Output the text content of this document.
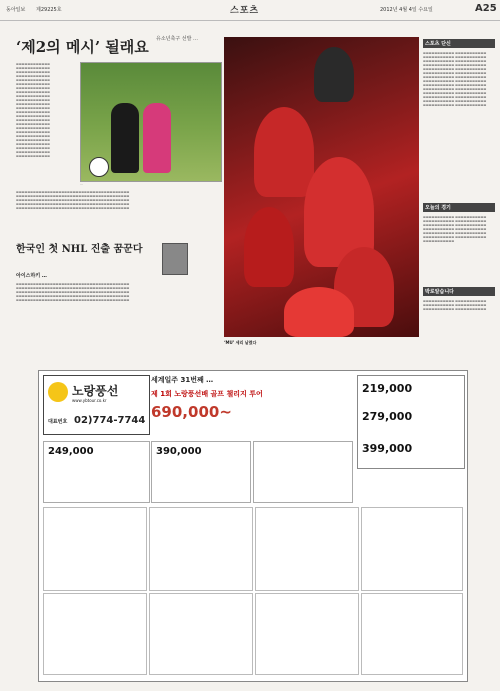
동아일보 제29225호	스포츠	2012년 4월 4일 수요일	A25
‘제2의 메시’ 될래요 유소년축구 선발 …
▬▬▬▬▬▬▬▬▬▬▬▬ ▬▬▬▬▬▬▬▬▬▬▬▬ ▬▬▬▬▬▬▬▬▬▬▬▬ ▬▬▬▬▬▬▬▬▬▬▬▬ ▬▬▬▬▬▬▬▬▬▬▬▬ ▬▬▬▬▬▬▬▬▬▬▬▬ ▬▬▬▬▬▬▬▬▬▬▬▬ ▬▬▬▬▬▬▬▬▬▬▬▬ ▬▬▬▬▬▬▬▬▬▬▬▬ ▬▬▬▬▬▬▬▬▬▬▬▬ ▬▬▬▬▬▬▬▬▬▬▬▬ ▬▬▬▬▬▬▬▬▬▬▬▬ ▬▬▬▬▬▬▬▬▬▬▬▬ ▬▬▬▬▬▬▬▬▬▬▬▬ ▬▬▬▬▬▬▬▬▬▬▬▬ ▬▬▬▬▬▬▬▬▬▬▬▬ ▬▬▬▬▬▬▬▬▬▬▬▬ ▬▬▬▬▬▬▬▬▬▬▬▬ ▬▬▬▬▬▬▬▬▬▬▬▬ ▬▬▬▬▬▬▬▬▬▬▬▬ ▬▬▬▬▬▬▬▬▬▬▬▬ ▬▬▬▬▬▬▬▬▬▬▬▬ ▬▬▬▬▬▬▬▬▬▬▬▬ ▬▬▬▬▬▬▬▬▬▬▬▬
…
▬▬▬▬▬▬▬▬▬▬▬▬▬▬▬▬▬▬▬▬▬▬▬▬▬▬▬▬▬▬▬▬▬▬▬▬▬▬▬▬ ▬▬▬▬▬▬▬▬▬▬▬▬▬▬▬▬▬▬▬▬▬▬▬▬▬▬▬▬▬▬▬▬▬▬▬▬▬▬▬▬ ▬▬▬▬▬▬▬▬▬▬▬▬▬▬▬▬▬▬▬▬▬▬▬▬▬▬▬▬▬▬▬▬▬▬▬▬▬▬▬▬ ▬▬▬▬▬▬▬▬▬▬▬▬▬▬▬▬▬▬▬▬▬▬▬▬▬▬▬▬▬▬▬▬▬▬▬▬▬▬▬▬ ▬▬▬▬▬▬▬▬▬▬▬▬▬▬▬▬▬▬▬▬▬▬▬▬▬▬▬▬▬▬▬▬▬▬▬▬▬▬▬▬
한국인 첫 NHL 진출 꿈꾼다
아이스하키 …
▬▬▬▬▬▬▬▬▬▬▬▬▬▬▬▬▬▬▬▬▬▬▬▬▬▬▬▬▬▬▬▬▬▬▬▬▬▬▬▬ ▬▬▬▬▬▬▬▬▬▬▬▬▬▬▬▬▬▬▬▬▬▬▬▬▬▬▬▬▬▬▬▬▬▬▬▬▬▬▬▬ ▬▬▬▬▬▬▬▬▬▬▬▬▬▬▬▬▬▬▬▬▬▬▬▬▬▬▬▬▬▬▬▬▬▬▬▬▬▬▬▬ ▬▬▬▬▬▬▬▬▬▬▬▬▬▬▬▬▬▬▬▬▬▬▬▬▬▬▬▬▬▬▬▬▬▬▬▬▬▬▬▬ ▬▬▬▬▬▬▬▬▬▬▬▬▬▬▬▬▬▬▬▬▬▬▬▬▬▬▬▬▬▬▬▬▬▬▬▬▬▬▬▬
‘MU’ 세리 날렸다
스포츠 단신
▬▬▬▬▬▬▬▬▬▬▬ ▬▬▬▬▬▬▬▬▬▬▬ ▬▬▬▬▬▬▬▬▬▬▬ ▬▬▬▬▬▬▬▬▬▬▬ ▬▬▬▬▬▬▬▬▬▬▬ ▬▬▬▬▬▬▬▬▬▬▬ ▬▬▬▬▬▬▬▬▬▬▬ ▬▬▬▬▬▬▬▬▬▬▬ ▬▬▬▬▬▬▬▬▬▬▬ ▬▬▬▬▬▬▬▬▬▬▬ ▬▬▬▬▬▬▬▬▬▬▬ ▬▬▬▬▬▬▬▬▬▬▬ ▬▬▬▬▬▬▬▬▬▬▬ ▬▬▬▬▬▬▬▬▬▬▬ ▬▬▬▬▬▬▬▬▬▬▬ ▬▬▬▬▬▬▬▬▬▬▬ ▬▬▬▬▬▬▬▬▬▬▬ ▬▬▬▬▬▬▬▬▬▬▬ ▬▬▬▬▬▬▬▬▬▬▬ ▬▬▬▬▬▬▬▬▬▬▬ ▬▬▬▬▬▬▬▬▬▬▬ ▬▬▬▬▬▬▬▬▬▬▬ ▬▬▬▬▬▬▬▬▬▬▬ ▬▬▬▬▬▬▬▬▬▬▬ ▬▬▬▬▬▬▬▬▬▬▬ ▬▬▬▬▬▬▬▬▬▬▬ ▬▬▬▬▬▬▬▬▬▬▬ ▬▬▬▬▬▬▬▬▬▬▬
오늘의 경기
▬▬▬▬▬▬▬▬▬▬▬ ▬▬▬▬▬▬▬▬▬▬▬ ▬▬▬▬▬▬▬▬▬▬▬ ▬▬▬▬▬▬▬▬▬▬▬ ▬▬▬▬▬▬▬▬▬▬▬ ▬▬▬▬▬▬▬▬▬▬▬ ▬▬▬▬▬▬▬▬▬▬▬ ▬▬▬▬▬▬▬▬▬▬▬ ▬▬▬▬▬▬▬▬▬▬▬ ▬▬▬▬▬▬▬▬▬▬▬ ▬▬▬▬▬▬▬▬▬▬▬ ▬▬▬▬▬▬▬▬▬▬▬ ▬▬▬▬▬▬▬▬▬▬▬
박로알습니다
▬▬▬▬▬▬▬▬▬▬▬ ▬▬▬▬▬▬▬▬▬▬▬ ▬▬▬▬▬▬▬▬▬▬▬ ▬▬▬▬▬▬▬▬▬▬▬ ▬▬▬▬▬▬▬▬▬▬▬ ▬▬▬▬▬▬▬▬▬▬▬
노랑풍선
www.ybtour.co.kr
대표번호 02)774-7744
세계일주 31번째 …
제 1회 노랑풍선배 골프 챌리지 투어
690,000~
219,000
279,000
399,000
249,000	390,000
